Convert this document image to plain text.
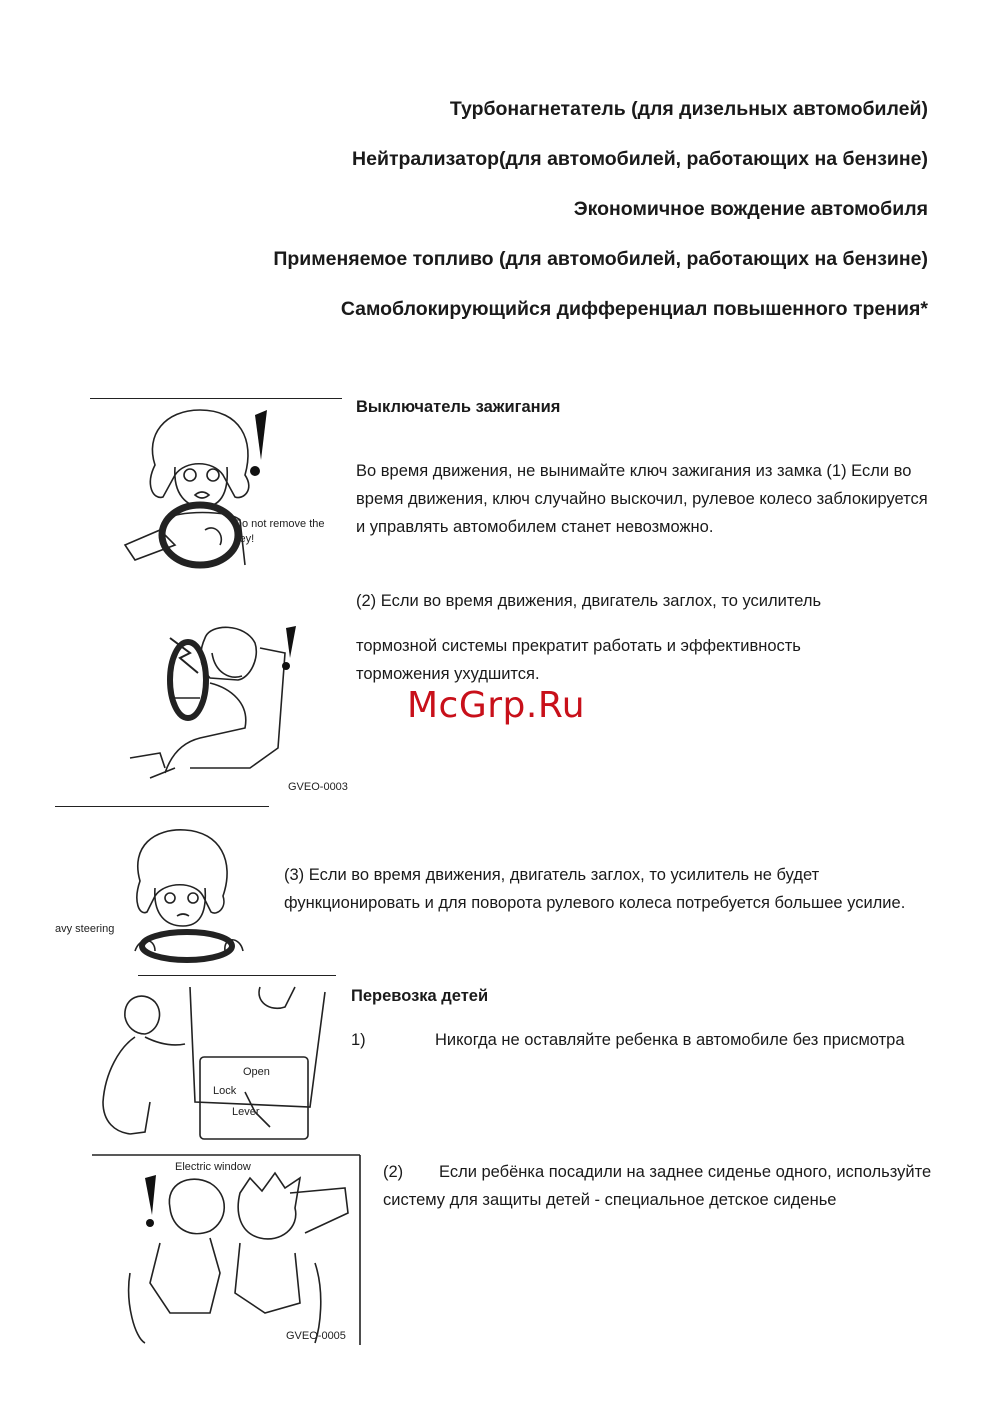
Турбонагнетатель (для дизельных автомобилей)
Нейтрализатор(для автомобилей, работающих на бензине)
Экономичное вождение автомобиля
Применяемое топливо (для автомобилей, работающих на бензине)
Самоблокирующийся дифференциал повышенного трения*
Выключатель зажигания

Во время движения, не вынимайте ключ зажигания из замка (1) Если во время движения, ключ случайно выскочил, рулевое колесо заблокируется и управлять автомобилем станет невозможно.

(2) Если во время движения, двигатель заглох, то усилитель

тормозной системы прекратит работать и эффективность торможения ухудшится.

(3) Если во время движения, двигатель заглох, то усилитель не будет функционировать и для поворота рулевого колеса потребуется большее усилие.

Перевозка детей

1)	Никогда не оставляйте ребенка в автомобиле без присмотра

(2) Если ребёнка посадили на заднее сиденье одного, используйте систему для защиты детей - специальное детское сиденье

McGrp.Ru
Do not remove the
key!
GVEO-0003
avy steering
Open
Lock
Lever
Electric window
GVEO-0005
